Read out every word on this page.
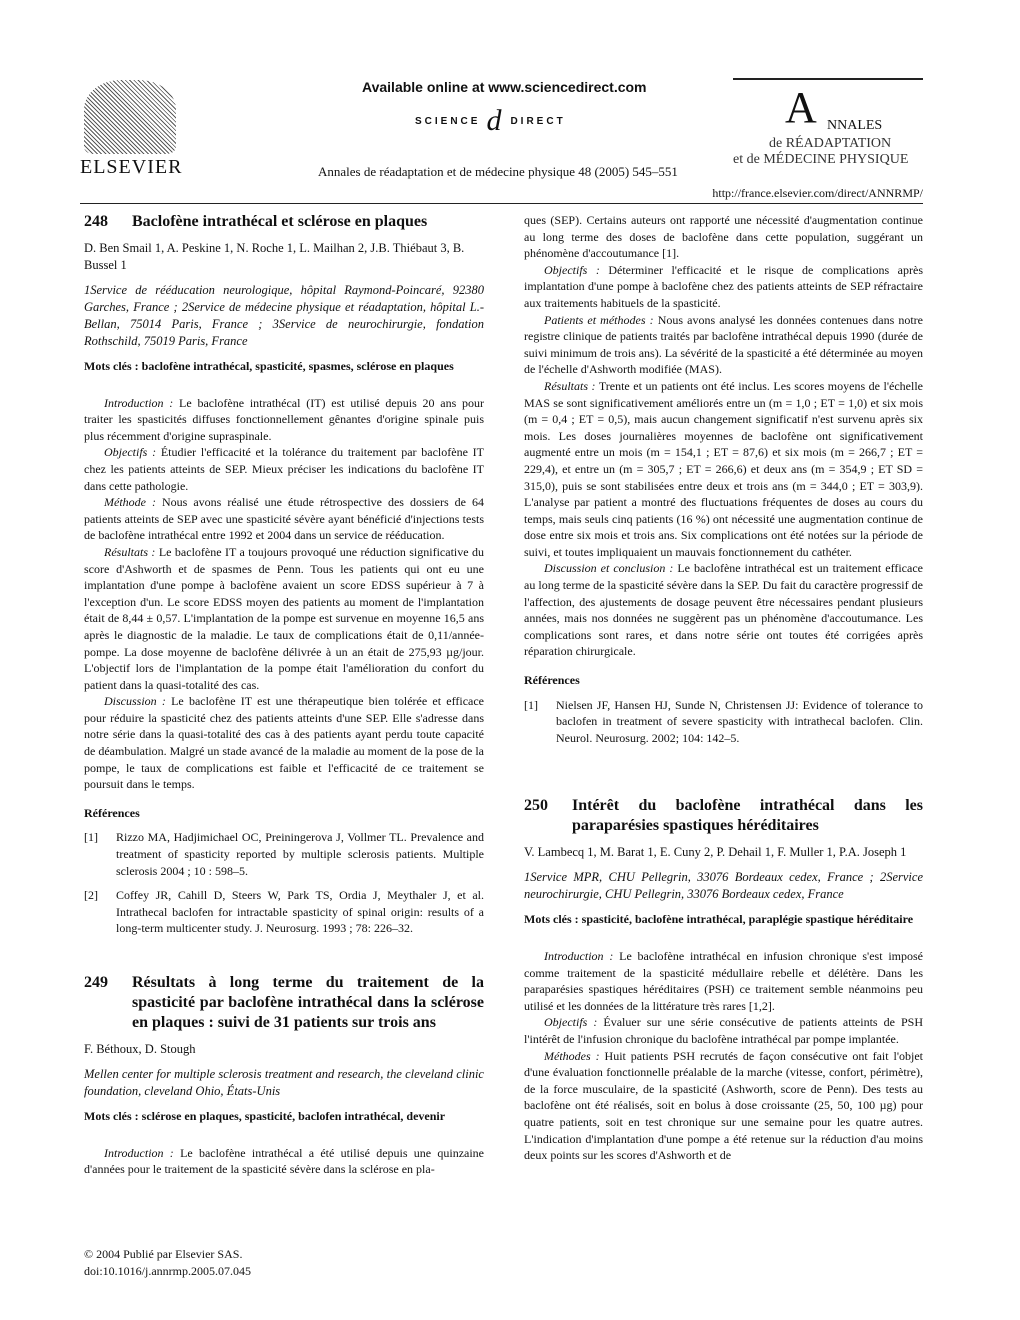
ELSEVIER
Available online at www.sciencedirect.com
SCIENCE d DIRECT
Annales de réadaptation et de médecine physique 48 (2005) 545–551
A NNALES
de RÉADAPTATION
et de MÉDECINE PHYSIQUE
http://france.elsevier.com/direct/ANNRMP/
248	Baclofène intrathécal et sclérose en plaques
D. Ben Smail 1, A. Peskine 1, N. Roche 1, L. Mailhan 2, J.B. Thiébaut 3, B. Bussel 1
1Service de rééducation neurologique, hôpital Raymond-Poincaré, 92380 Garches, France ; 2Service de médecine physique et réadaptation, hôpital L.-Bellan, 75014 Paris, France ; 3Service de neurochirurgie, fondation Rothschild, 75019 Paris, France
Mots clés : baclofène intrathécal, spasticité, spasmes, sclérose en plaques

Introduction : Le baclofène intrathécal (IT) est utilisé depuis 20 ans pour traiter les spasticités diffuses fonctionnellement gênantes d'origine spinale puis plus récemment d'origine supraspinale.

Objectifs : Étudier l'efficacité et la tolérance du traitement par baclofène IT chez les patients atteints de SEP. Mieux préciser les indications du baclofène IT dans cette pathologie.

Méthode : Nous avons réalisé une étude rétrospective des dossiers de 64 patients atteints de SEP avec une spasticité sévère ayant bénéficié d'injections tests de baclofène intrathécal entre 1992 et 2004 dans un service de rééducation.

Résultats : Le baclofène IT a toujours provoqué une réduction significative du score d'Ashworth et de spasmes de Penn. Tous les patients qui ont eu une implantation d'une pompe à baclofène avaient un score EDSS supérieur à 7 à l'exception d'un. Le score EDSS moyen des patients au moment de l'implantation était de 8,44 ± 0,57. L'implantation de la pompe est survenue en moyenne 16,5 ans après le diagnostic de la maladie. Le taux de complications était de 0,11/année-pompe. La dose moyenne de baclofène délivrée à un an était de 275,93 µg/jour. L'objectif lors de l'implantation de la pompe était l'amélioration du confort du patient dans la quasi-totalité des cas.

Discussion : Le baclofène IT est une thérapeutique bien tolérée et efficace pour réduire la spasticité chez des patients atteints d'une SEP. Elle s'adresse dans notre série dans la quasi-totalité des cas à des patients ayant perdu toute capacité de déambulation. Malgré un stade avancé de la maladie au moment de la pose de la pompe, le taux de complications est faible et l'efficacité de ce traitement se poursuit dans le temps.

Références
[1]	Rizzo MA, Hadjimichael OC, Preiningerova J, Vollmer TL. Prevalence and treatment of spasticity reported by multiple sclerosis patients. Multiple sclerosis 2004 ; 10 : 598–5.
[2]	Coffey JR, Cahill D, Steers W, Park TS, Ordia J, Meythaler J, et al. Intrathecal baclofen for intractable spasticity of spinal origin: results of a long-term multicenter study. J. Neurosurg. 1993 ; 78: 226–32.
249	Résultats à long terme du traitement de la spasticité par baclofène intrathécal dans la sclérose en plaques : suivi de 31 patients sur trois ans
F. Béthoux, D. Stough
Mellen center for multiple sclerosis treatment and research, the cleveland clinic foundation, cleveland Ohio, États-Unis
Mots clés : sclérose en plaques, spasticité, baclofen intrathécal, devenir

Introduction : Le baclofène intrathécal a été utilisé depuis une quinzaine d'années pour le traitement de la spasticité sévère dans la sclérose en pla-

ques (SEP). Certains auteurs ont rapporté une nécessité d'augmentation continue au long terme des doses de baclofène dans cette population, suggérant un phénomène d'accoutumance [1].

Objectifs : Déterminer l'efficacité et le risque de complications après implantation d'une pompe à baclofène chez des patients atteints de SEP réfractaire aux traitements habituels de la spasticité.

Patients et méthodes : Nous avons analysé les données contenues dans notre registre clinique de patients traités par baclofène intrathécal depuis 1990 (durée de suivi minimum de trois ans). La sévérité de la spasticité a été déterminée au moyen de l'échelle d'Ashworth modifiée (MAS).

Résultats : Trente et un patients ont été inclus. Les scores moyens de l'échelle MAS se sont significativement améliorés entre un (m = 1,0 ; ET = 1,0) et six mois (m = 0,4 ; ET = 0,5), mais aucun changement significatif n'est survenu après six mois. Les doses journalières moyennes de baclofène ont significativement augmenté entre un mois (m = 154,1 ; ET = 87,6) et six mois (m = 266,7 ; ET = 229,4), et entre un (m = 305,7 ; ET = 266,6) et deux ans (m = 354,9 ; ET SD = 315,0), puis se sont stabilisées entre deux et trois ans (m = 344,0 ; ET = 303,9). L'analyse par patient a montré des fluctuations fréquentes de doses au cours du temps, mais seuls cinq patients (16 %) ont nécessité une augmentation continue de dose entre six mois et trois ans. Six complications ont été notées sur la période de suivi, et toutes impliquaient un mauvais fonctionnement du cathéter.

Discussion et conclusion : Le baclofène intrathécal est un traitement efficace au long terme de la spasticité sévère dans la SEP. Du fait du caractère progressif de l'affection, des ajustements de dosage peuvent être nécessaires pendant plusieurs années, mais nos données ne suggèrent pas un phénomène d'accoutumance. Les complications sont rares, et dans notre série ont toutes été corrigées après réparation chirurgicale.

Références
[1]	Nielsen JF, Hansen HJ, Sunde N, Christensen JJ: Evidence of tolerance to baclofen in treatment of severe spasticity with intrathecal baclofen. Clin. Neurol. Neurosurg. 2002; 104: 142–5.
250	Intérêt du baclofène intrathécal dans les paraparésies spastiques héréditaires
V. Lambecq 1, M. Barat 1, E. Cuny 2, P. Dehail 1, F. Muller 1, P.A. Joseph 1
1Service MPR, CHU Pellegrin, 33076 Bordeaux cedex, France ; 2Service neurochirurgie, CHU Pellegrin, 33076 Bordeaux cedex, France
Mots clés : spasticité, baclofène intrathécal, paraplégie spastique héréditaire

Introduction : Le baclofène intrathécal en infusion chronique s'est imposé comme traitement de la spasticité médullaire rebelle et délétère. Dans les paraparésies spastiques héréditaires (PSH) ce traitement semble néanmoins peu utilisé et les données de la littérature très rares [1,2].

Objectifs : Évaluer sur une série consécutive de patients atteints de PSH l'intérêt de l'infusion chronique du baclofène intrathécal par pompe implantée.

Méthodes : Huit patients PSH recrutés de façon consécutive ont fait l'objet d'une évaluation fonctionnelle préalable de la marche (vitesse, confort, périmètre), de la force musculaire, de la spasticité (Ashworth, score de Penn). Des tests au baclofène ont été réalisés, soit en bolus à dose croissante (25, 50, 100 µg) pour quatre patients, soit en test chronique sur une semaine pour les quatre autres. L'indication d'implantation d'une pompe a été retenue sur la réduction d'au moins deux points sur les scores d'Ashworth et de

© 2004 Publié par Elsevier SAS.
doi:10.1016/j.annrmp.2005.07.045
